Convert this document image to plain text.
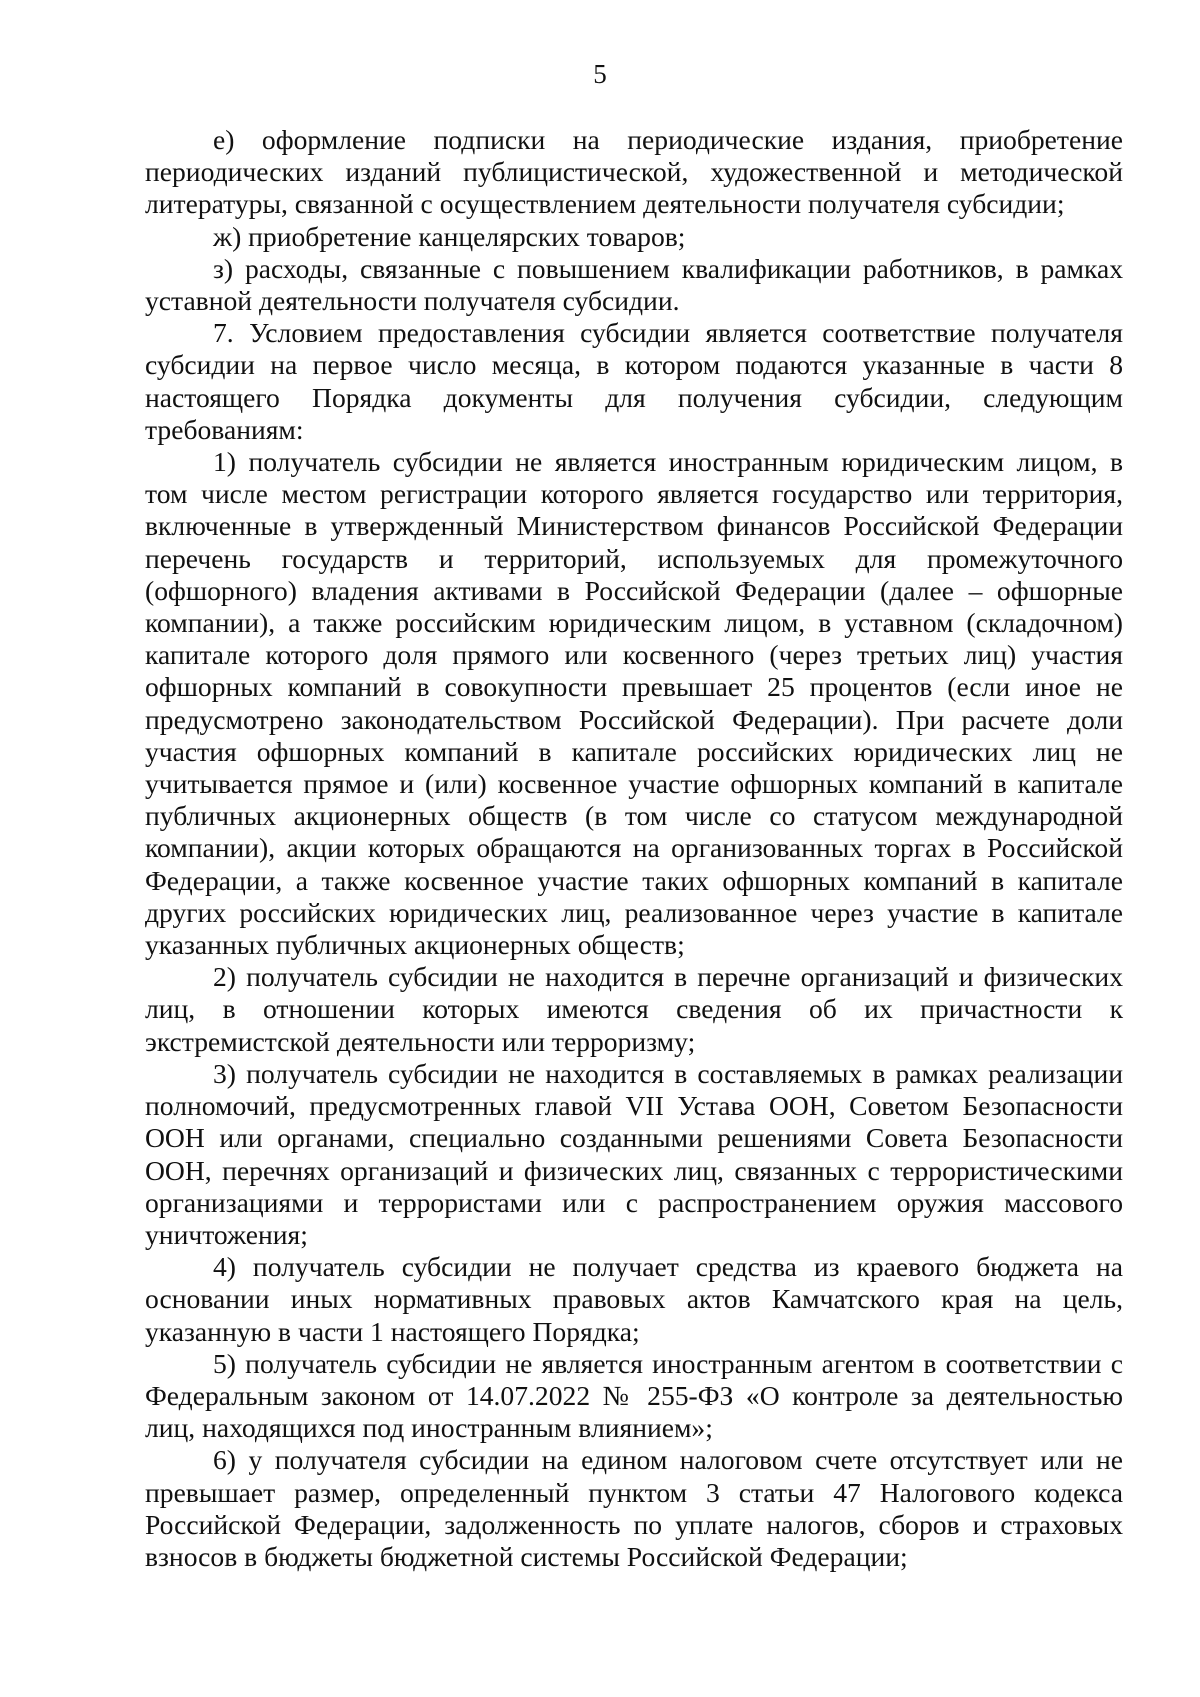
5

е) оформление подписки на периодические издания, приобретение периодических изданий публицистической, художественной и методической литературы, связанной с осуществлением деятельности получателя субсидии;

ж) приобретение канцелярских товаров;

з) расходы, связанные с повышением квалификации работников, в рамках уставной деятельности получателя субсидии.

7. Условием предоставления субсидии является соответствие получателя субсидии на первое число месяца, в котором подаются указанные в части 8 настоящего Порядка документы для получения субсидии, следующим требованиям:

1) получатель субсидии не является иностранным юридическим лицом, в том числе местом регистрации которого является государство или территория, включенные в утвержденный Министерством финансов Российской Федерации перечень государств и территорий, используемых для промежуточного (офшорного) владения активами в Российской Федерации (далее – офшорные компании), а также российским юридическим лицом, в уставном (складочном) капитале которого доля прямого или косвенного (через третьих лиц) участия офшорных компаний в совокупности превышает 25 процентов (если иное не предусмотрено законодательством Российской Федерации). При расчете доли участия офшорных компаний в капитале российских юридических лиц не учитывается прямое и (или) косвенное участие офшорных компаний в капитале публичных акционерных обществ (в том числе со статусом международной компании), акции которых обращаются на организованных торгах в Российской Федерации, а также косвенное участие таких офшорных компаний в капитале других российских юридических лиц, реализованное через участие в капитале указанных публичных акционерных обществ;

2) получатель субсидии не находится в перечне организаций и физических лиц, в отношении которых имеются сведения об их причастности к экстремистской деятельности или терроризму;

3) получатель субсидии не находится в составляемых в рамках реализации полномочий, предусмотренных главой VII Устава ООН, Советом Безопасности ООН или органами, специально созданными решениями Совета Безопасности ООН, перечнях организаций и физических лиц, связанных с террористическими организациями и террористами или с распространением оружия массового уничтожения;

4) получатель субсидии не получает средства из краевого бюджета на основании иных нормативных правовых актов Камчатского края на цель, указанную в части 1 настоящего Порядка;

5) получатель субсидии не является иностранным агентом в соответствии с Федеральным законом от 14.07.2022 № 255-ФЗ «О контроле за деятельностью лиц, находящихся под иностранным влиянием»;

6) у получателя субсидии на едином налоговом счете отсутствует или не превышает размер, определенный пунктом 3 статьи 47 Налогового кодекса Российской Федерации, задолженность по уплате налогов, сборов и страховых взносов в бюджеты бюджетной системы Российской Федерации;
